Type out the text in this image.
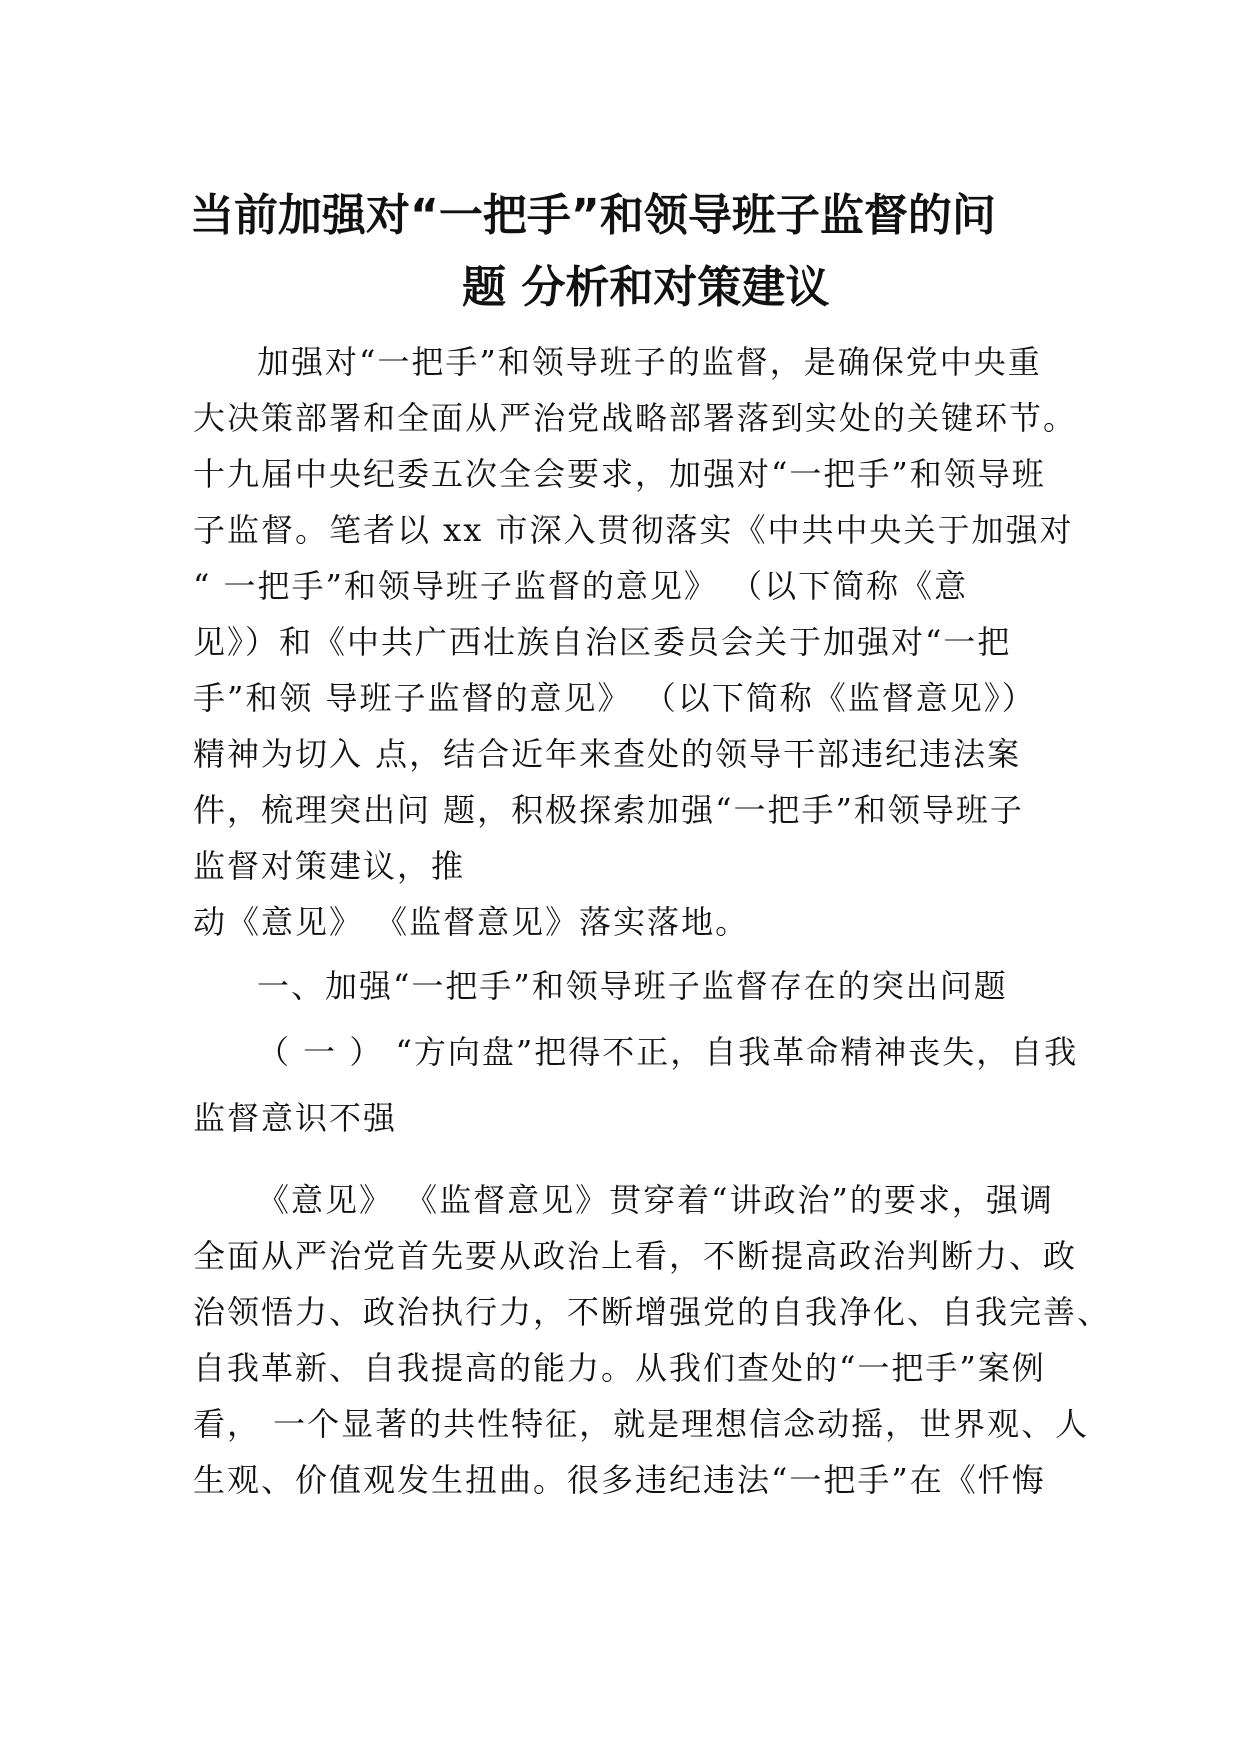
当前加强对“一把手”和领导班子监督的问
题 分析和对策建议
加强对“一把手”和领导班子的监督，是确保党中央重
大决策部署和全面从严治党战略部署落到实处的关键环节。
十九届中央纪委五次全会要求，加强对“一把手”和领导班
子监督。笔者以 xx 市深入贯彻落实《中共中央关于加强对
“ 一把手”和领导班子监督的意见》 （以下简称《意
见》）和《中共广西壮族自治区委员会关于加强对“一把
手”和领 导班子监督的意见》 （以下简称《监督意见》）
精神为切入 点，结合近年来查处的领导干部违纪违法案
件，梳理突出问 题，积极探索加强“一把手”和领导班子
监督对策建议，推
动《意见》 《监督意见》落实落地。
一、加强“一把手”和领导班子监督存在的突出问题
（ 一 ） “方向盘”把得不正，自我革命精神丧失，自我
监督意识不强
《意见》 《监督意见》贯穿着“讲政治”的要求，强调
全面从严治党首先要从政治上看，不断提高政治判断力、政
治领悟力、政治执行力，不断增强党的自我净化、自我完善、
自我革新、自我提高的能力。从我们查处的“一把手”案例
看， 一个显著的共性特征，就是理想信念动摇，世界观、人
生观、价值观发生扭曲。很多违纪违法“一把手”在《忏悔
